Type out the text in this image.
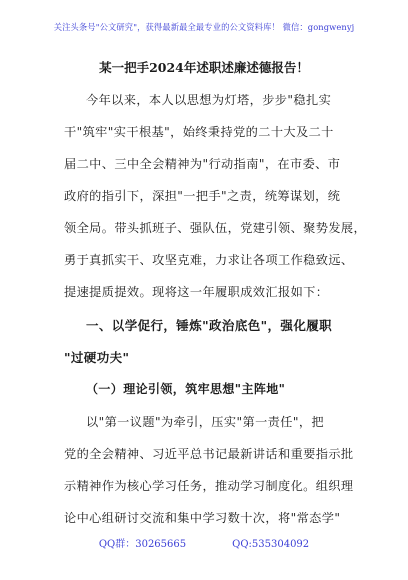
关注头条号"公文研究"，获得最新最全最专业的公文资料库！ 微信：gongwenyj
某一把手2024年述职述廉述德报告！
今年以来，本人以思想为灯塔，步步"稳扎实
干"筑牢"实干根基"，始终秉持党的二十大及二十
届二中、三中全会精神为"行动指南"，在市委、市
政府的指引下，深担"一把手"之责，统筹谋划，统
领全局。带头抓班子、强队伍，党建引领、聚势发展，
勇于真抓实干、攻坚克难，力求让各项工作稳致远、
提速提质提效。现将这一年履职成效汇报如下：
一、以学促行，锤炼"政治底色"，强化履职
"过硬功夫"
（一）理论引领，筑牢思想"主阵地"
以"第一议题"为牵引，压实"第一责任"，把
党的全会精神、习近平总书记最新讲话和重要指示批
示精神作为核心学习任务，推动学习制度化。组织理
论中心组研讨交流和集中学习数十次，将"常态学"
QQ群：30265665	QQ:535304092
